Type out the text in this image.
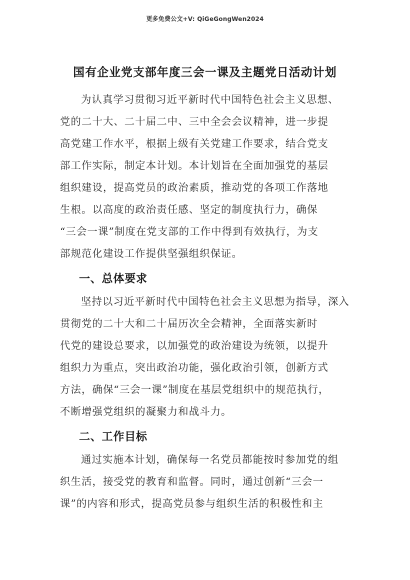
更多免费公文+V: QiGeGongWen2024
国有企业党支部年度三会一课及主题党日活动计划
为认真学习贯彻习近平新时代中国特色社会主义思想、
党的二十大、二十届二中、三中全会会议精神，进一步提
高党建工作水平，根据上级有关党建工作要求，结合党支
部工作实际，制定本计划。本计划旨在全面加强党的基层
组织建设，提高党员的政治素质，推动党的各项工作落地
生根。以高度的政治责任感、坚定的制度执行力，确保
“三会一课”制度在党支部的工作中得到有效执行，为支
部规范化建设工作提供坚强组织保证。
一、总体要求
坚持以习近平新时代中国特色社会主义思想为指导，深入
贯彻党的二十大和二十届历次全会精神，全面落实新时
代党的建设总要求，以加强党的政治建设为统领，以提升
组织力为重点，突出政治功能，强化政治引领，创新方式
方法，确保“三会一课”制度在基层党组织中的规范执行，
不断增强党组织的凝聚力和战斗力。
二、工作目标
通过实施本计划，确保每一名党员都能按时参加党的组
织生活，接受党的教育和监督。同时，通过创新“三会一
课”的内容和形式，提高党员参与组织生活的积极性和主
